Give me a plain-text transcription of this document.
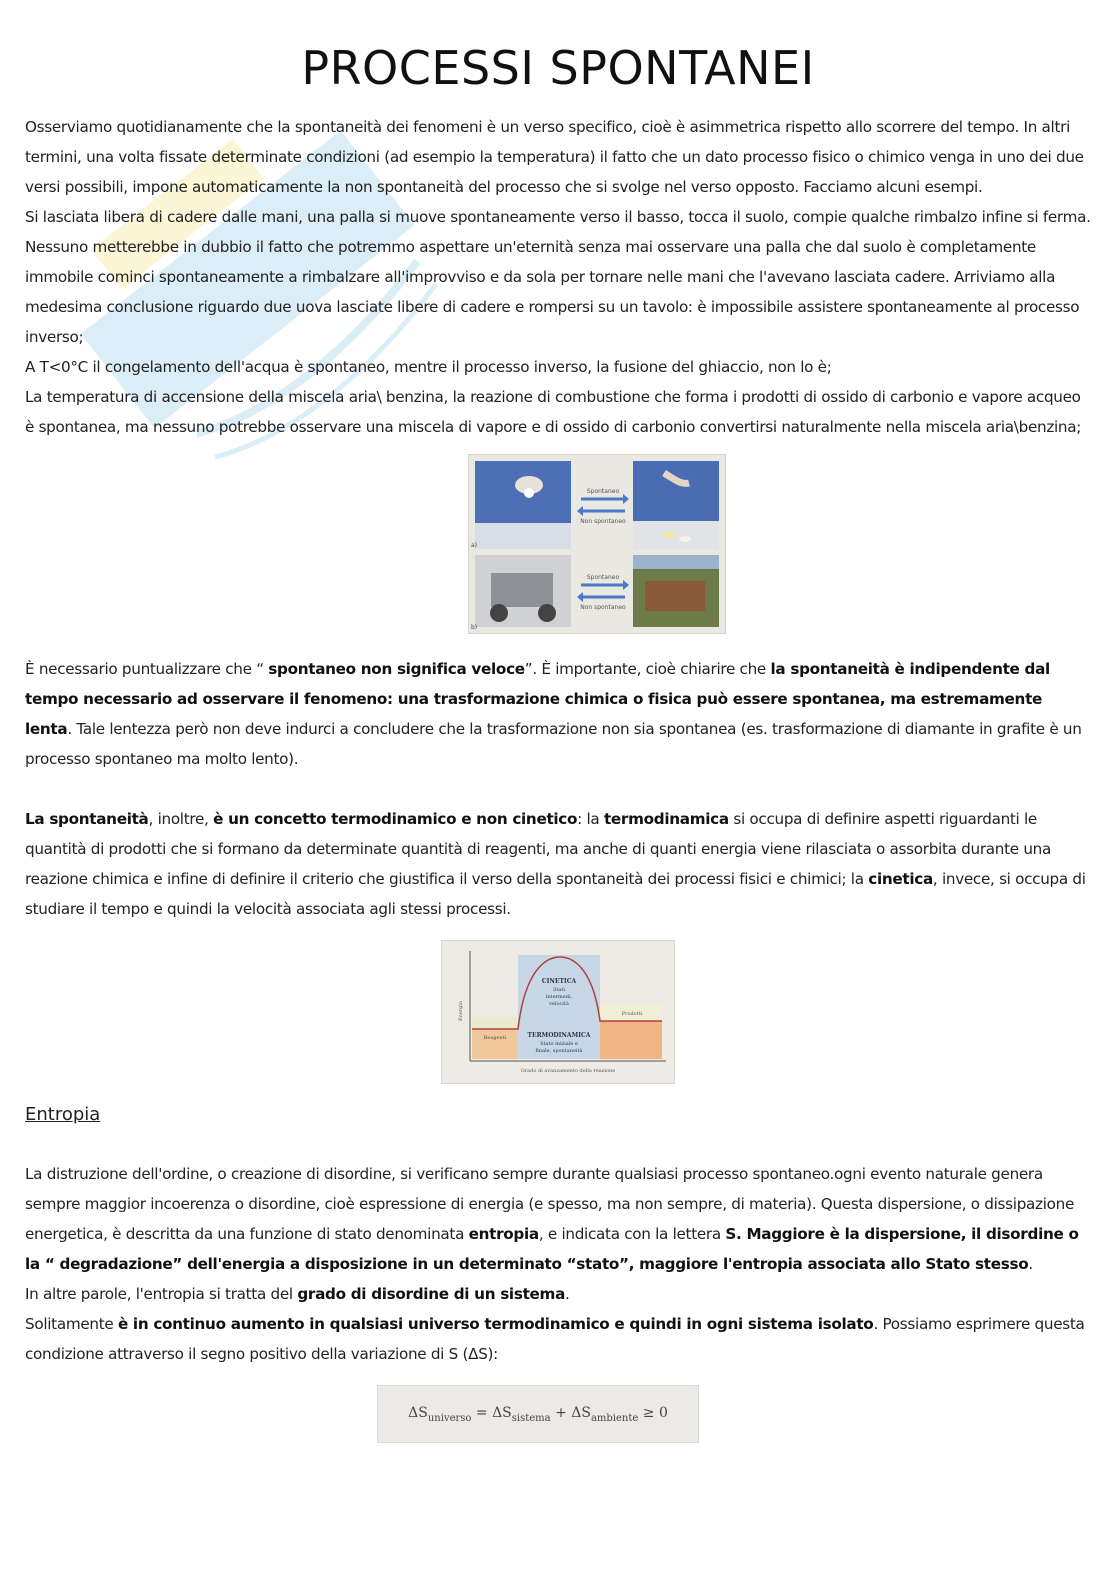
PROCESSI SPONTANEI

Osserviamo quotidianamente che la spontaneità dei fenomeni è un verso specifico, cioè è asimmetrica rispetto allo scorrere del tempo. In altri termini, una volta fissate determinate condizioni (ad esempio la temperatura) il fatto che un dato processo fisico o chimico venga in uno dei due versi possibili, impone automaticamente la non spontaneità del processo che si svolge nel verso opposto. Facciamo alcuni esempi.

Si lasciata libera di cadere dalle mani, una palla si muove spontaneamente verso il basso, tocca il suolo, compie qualche rimbalzo infine si ferma. Nessuno metterebbe in dubbio il fatto che potremmo aspettare un'eternità senza mai osservare una palla che dal suolo è completamente immobile cominci spontaneamente a rimbalzare all'improvviso e da sola per tornare nelle mani che l'avevano lasciata cadere. Arriviamo alla medesima conclusione riguardo due uova lasciate libere di cadere e rompersi su un tavolo: è impossibile assistere spontaneamente al processo inverso;

A T<0°C il congelamento dell'acqua è spontaneo, mentre il processo inverso, la fusione del ghiaccio, non lo è;

La temperatura di accensione della miscela aria\ benzina, la reazione di combustione che forma i prodotti di ossido di carbonio e vapore acqueo è spontanea, ma nessuno potrebbe osservare una miscela di vapore e di ossido di carbonio convertirsi naturalmente nella miscela aria\benzina;

Spontaneo
Non spontaneo
Spontaneo
Non spontaneo
a)
b)

È necessario puntualizzare che “ spontaneo non significa veloce”. È importante, cioè chiarire che la spontaneità è indipendente dal tempo necessario ad osservare il fenomeno: una trasformazione chimica o fisica può essere spontanea, ma estremamente lenta. Tale lentezza però non deve indurci a concludere che la trasformazione non sia spontanea (es. trasformazione di diamante in grafite è un processo spontaneo ma molto lento).

La spontaneità, inoltre, è un concetto termodinamico e non cinetico: la termodinamica si occupa di definire aspetti riguardanti le quantità di prodotti che si formano da determinate quantità di reagenti, ma anche di quanti energia viene rilasciata o assorbita durante una reazione chimica e infine di definire il criterio che giustifica il verso della spontaneità dei processi fisici e chimici; la cinetica, invece, si occupa di studiare il tempo e quindi la velocità associata agli stessi processi.

CINETICA
Stati
intermedi,
velocità
TERMODINAMICA
Stato iniziale e
finale, spontaneità
Reagenti
Prodotti
Grado di avanzamento della reazione
Energia
Entropia

La distruzione dell'ordine, o creazione di disordine, si verificano sempre durante qualsiasi processo spontaneo.ogni evento naturale genera sempre maggior incoerenza o disordine, cioè espressione di energia (e spesso, ma non sempre, di materia). Questa dispersione, o dissipazione energetica, è descritta da una funzione di stato denominata entropia, e indicata con la lettera S. Maggiore è la dispersione, il disordine o la “ degradazione” dell'energia a disposizione in un determinato “stato”, maggiore l'entropia associata allo Stato stesso.

In altre parole, l'entropia si tratta del grado di disordine di un sistema.

Solitamente è in continuo aumento in qualsiasi universo termodinamico e quindi in ogni sistema isolato. Possiamo esprimere questa condizione attraverso il segno positivo della variazione di S (ΔS):

$\Delta S_{universo} = \Delta S_{sistema} + \Delta S_{ambiente} \ge 0$
